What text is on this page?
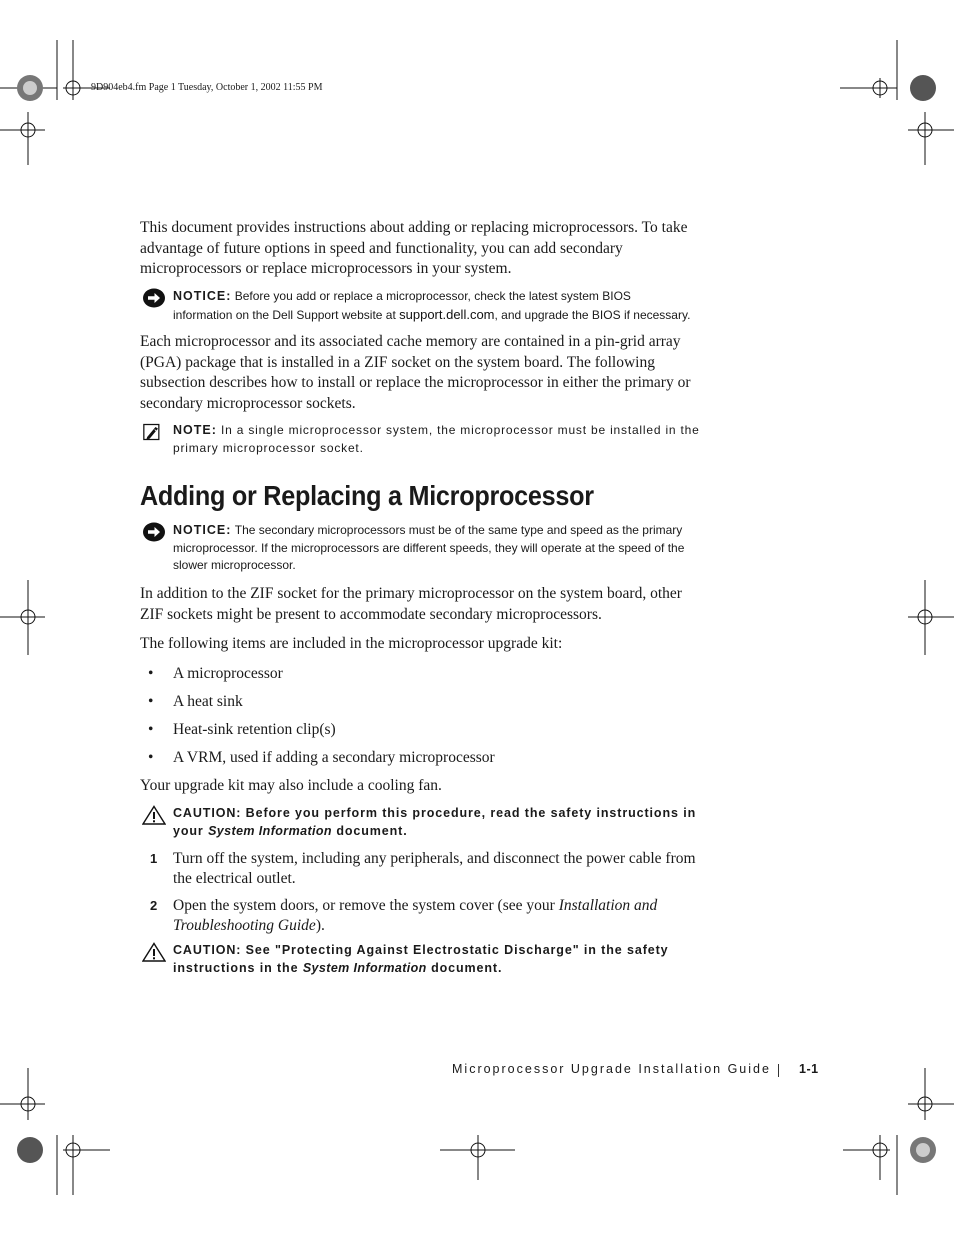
9D904eb4.fm Page 1 Tuesday, October 1, 2002 11:55 PM
This document provides instructions about adding or replacing microprocessors. To take
advantage of future options in speed and functionality, you can add secondary
microprocessors or replace microprocessors in your system.
NOTICE: Before you add or replace a microprocessor, check the latest system BIOS
information on the Dell Support website at support.dell.com, and upgrade the BIOS if necessary.
Each microprocessor and its associated cache memory are contained in a pin-grid array
(PGA) package that is installed in a ZIF socket on the system board. The following
subsection describes how to install or replace the microprocessor in either the primary or
secondary microprocessor sockets.
NOTE: In a single microprocessor system, the microprocessor must be installed in the
primary microprocessor socket.
Adding or Replacing a Microprocessor
NOTICE: The secondary microprocessors must be of the same type and speed as the primary
microprocessor. If the microprocessors are different speeds, they will operate at the speed of the
slower microprocessor.
In addition to the ZIF socket for the primary microprocessor on the system board, other
ZIF sockets might be present to accommodate secondary microprocessors.
The following items are included in the microprocessor upgrade kit:
• A microprocessor
• A heat sink
• Heat-sink retention clip(s)
• A VRM, used if adding a secondary microprocessor
Your upgrade kit may also include a cooling fan.
CAUTION: Before you perform this procedure, read the safety instructions in
your System Information document.
1 Turn off the system, including any peripherals, and disconnect the power cable from
the electrical outlet.
2 Open the system doors, or remove the system cover (see your Installation and
Troubleshooting Guide).
CAUTION: See "Protecting Against Electrostatic Discharge" in the safety
instructions in the System Information document.
Microprocessor Upgrade Installation Guide 1-1
